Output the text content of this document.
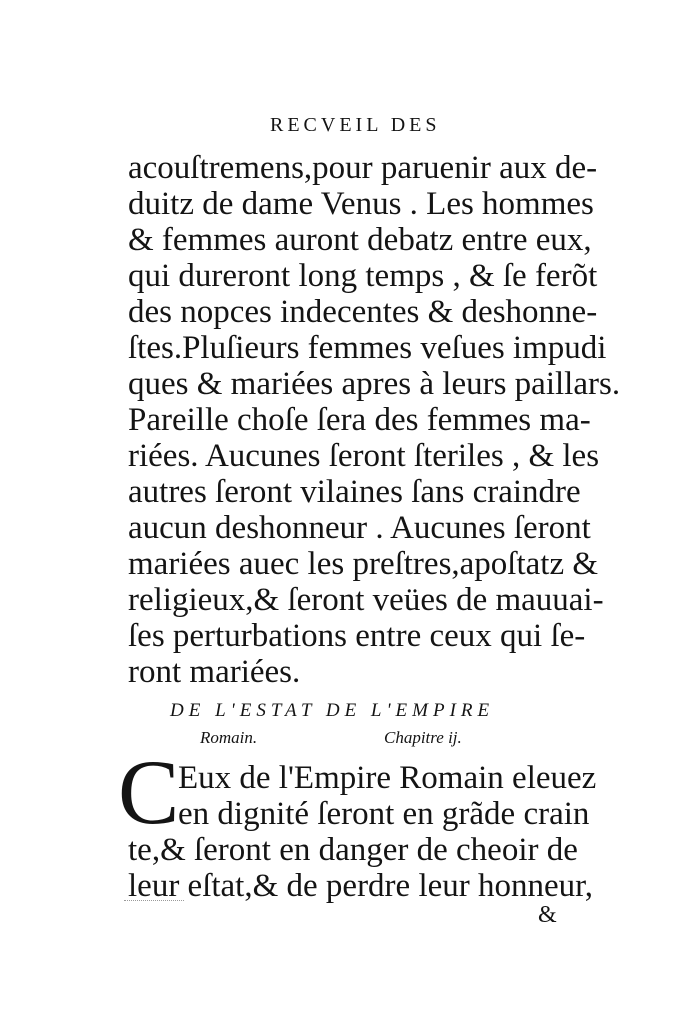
RECVEIL DES
acouſtremens,pour paruenir aux de-
duitz de dame Venus . Les hommes
& femmes auront debatz entre eux,
qui dureront long temps , & ſe ferõt
des nopces indecentes & deshonne-
ſtes.Pluſieurs femmes veſues impudi
ques & mariées apres à leurs paillars.
Pareille choſe ſera des femmes ma-
riées. Aucunes ſeront ſteriles , & les
autres ſeront vilaines ſans craindre
aucun deshonneur . Aucunes ſeront
mariées auec les preſtres,apoſtatz &
religieux,& ſeront veües de mauuai-
ſes perturbations entre ceux qui ſe-
ront mariées.
DE L'ESTAT DE L'EMPIRE
Romain.	Chapitre ij.
C
Eux de l'Empire Romain eleuez
en dignité ſeront en grãde crain
te,& ſeront en danger de cheoir de
leur eſtat,& de perdre leur honneur,
&
